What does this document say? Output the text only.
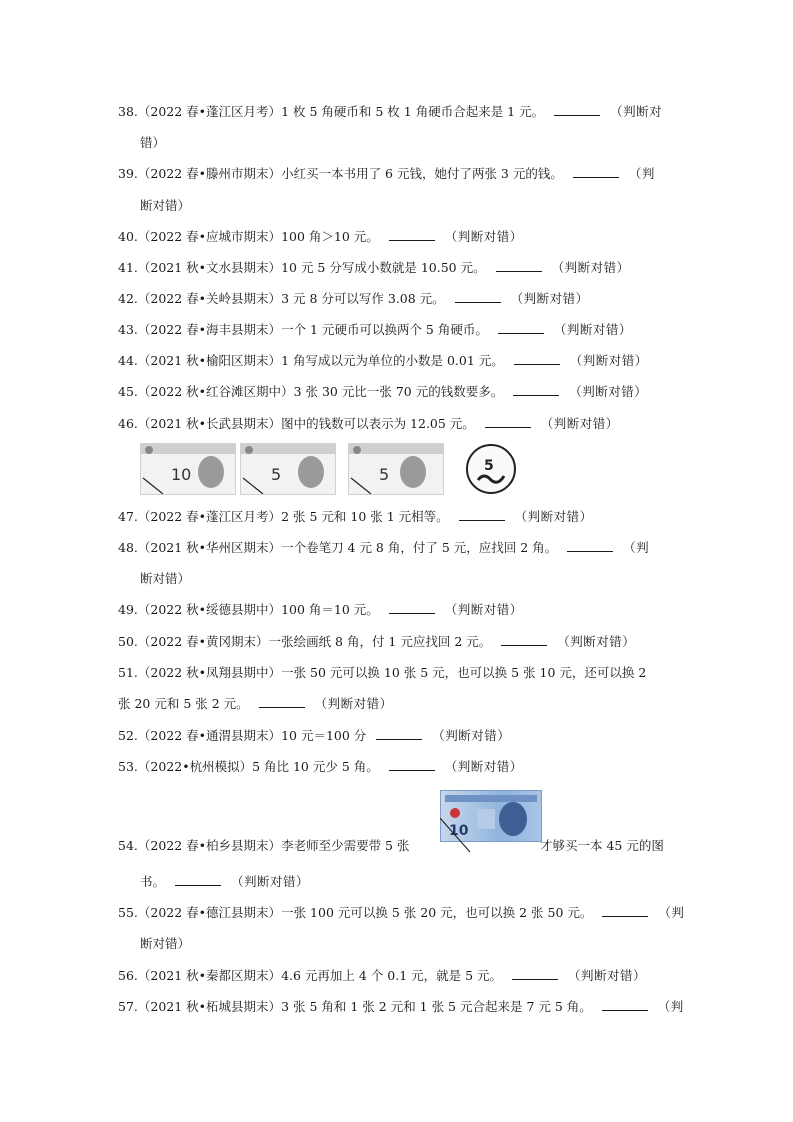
38.（2022 春•蓬江区月考）1 枚 5 角硬币和 5 枚 1 角硬币合起来是 1 元。	（判断对
错）
39.（2022 春•滕州市期末）小红买一本书用了 6 元钱，她付了两张 3 元的钱。	（判
断对错）
40.（2022 春•应城市期末）100 角＞10 元。	（判断对错）
41.（2021 秋•文水县期末）10 元 5 分写成小数就是 10.50 元。	（判断对错）
42.（2022 春•关岭县期末）3 元 8 分可以写作 3.08 元。	（判断对错）
43.（2022 春•海丰县期末）一个 1 元硬币可以换两个 5 角硬币。	（判断对错）
44.（2021 秋•榆阳区期末）1 角写成以元为单位的小数是 0.01 元。	（判断对错）
45.（2022 秋•红谷滩区期中）3 张 30 元比一张 70 元的钱数要多。	（判断对错）
46.（2021 秋•长武县期末）图中的钱数可以表示为 12.05 元。	（判断对错）
10	5	5	5
47.（2022 春•蓬江区月考）2 张 5 元和 10 张 1 元相等。	（判断对错）
48.（2021 秋•华州区期末）一个卷笔刀 4 元 8 角，付了 5 元，应找回 2 角。	（判
断对错）
49.（2022 秋•绥德县期中）100 角＝10 元。	（判断对错）
50.（2022 春•黄冈期末）一张绘画纸 8 角，付 1 元应找回 2 元。	（判断对错）
51.（2022 秋•凤翔县期中）一张 50 元可以换 10 张 5 元，也可以换 5 张 10 元，还可以换 2
张 20 元和 5 张 2 元。	（判断对错）
52.（2022 春•通渭县期末）10 元＝100 分	（判断对错）
53.（2022•杭州模拟）5 角比 10 元少 5 角。	（判断对错）
10
54.（2022 春•柏乡县期末）李老师至少需要带 5 张	才够买一本 45 元的图
书。	（判断对错）
55.（2022 春•德江县期末）一张 100 元可以换 5 张 20 元，也可以换 2 张 50 元。	（判
断对错）
56.（2021 秋•秦都区期末）4.6 元再加上 4 个 0.1 元，就是 5 元。	（判断对错）
57.（2021 秋•柘城县期末）3 张 5 角和 1 张 2 元和 1 张 5 元合起来是 7 元 5 角。	（判
